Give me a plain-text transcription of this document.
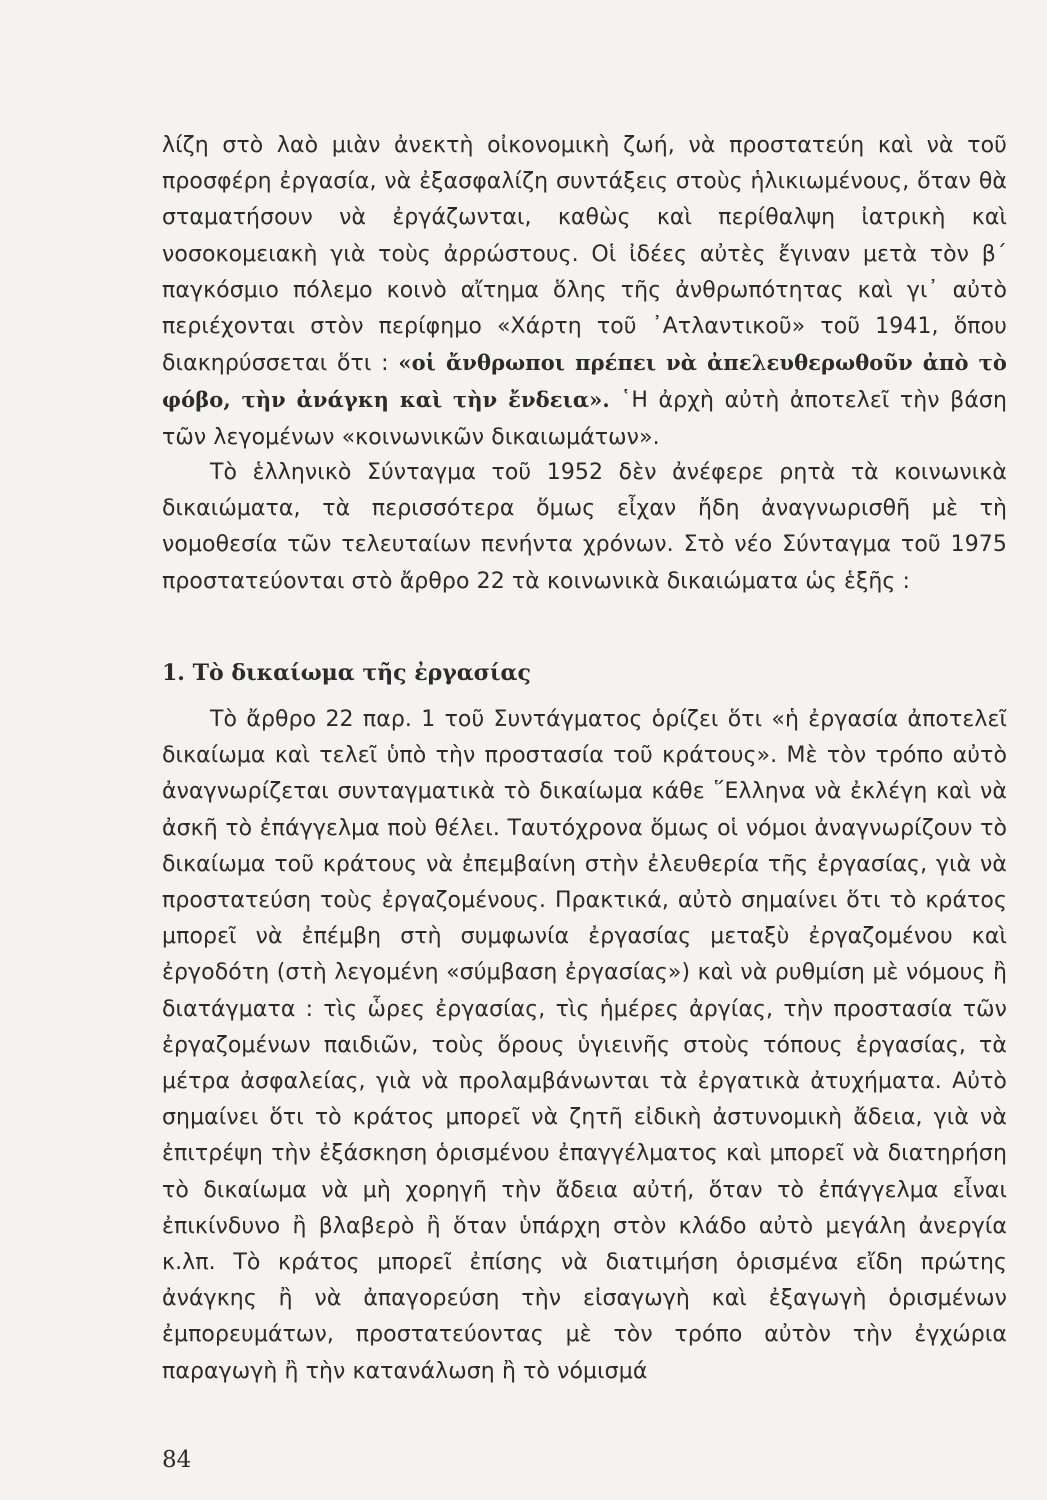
λίζη στὸ λαὸ μιὰν ἀνεκτὴ οἰκονομικὴ ζωή, νὰ προστατεύη καὶ νὰ τοῦ προσφέρη ἐργασία, νὰ ἐξασφαλίζη συντάξεις στοὺς ἡλικιωμένους, ὅταν θὰ σταματήσουν νὰ ἐργάζωνται, καθὼς καὶ περίθαλψη ἰατρικὴ καὶ νοσοκομειακὴ γιὰ τοὺς ἀρρώστους. Οἱ ἰδέες αὐτὲς ἔγιναν μετὰ τὸν β΄ παγκόσμιο πόλεμο κοινὸ αἴτημα ὅλης τῆς ἀνθρωπότητας καὶ γι᾽ αὐτὸ περιέχονται στὸν περίφημο «Χάρτη τοῦ ᾿Ατλαντικοῦ» τοῦ 1941, ὅπου διακηρύσσεται ὅτι : «οἱ ἄνθρωποι πρέπει νὰ ἀπελευθερωθοῦν ἀπὸ τὸ φόβο, τὴν ἀνάγκη καὶ τὴν ἔνδεια». ῾Η ἀρχὴ αὐτὴ ἀποτελεῖ τὴν βάση τῶν λεγομένων «κοινωνικῶν δικαιωμάτων».
Τὸ ἑλληνικὸ Σύνταγμα τοῦ 1952 δὲν ἀνέφερε ρητὰ τὰ κοινωνικὰ δικαιώματα, τὰ περισσότερα ὅμως εἶχαν ἤδη ἀναγνωρισθῆ μὲ τὴ νομοθεσία τῶν τελευταίων πενήντα χρόνων. Στὸ νέο Σύνταγμα τοῦ 1975 προστατεύονται στὸ ἄρθρο 22 τὰ κοινωνικὰ δικαιώματα ὡς ἑξῆς :
1. Τὸ δικαίωμα τῆς ἐργασίας
Τὸ ἄρθρο 22 παρ. 1 τοῦ Συντάγματος ὁρίζει ὅτι «ἡ ἐργασία ἀποτελεῖ δικαίωμα καὶ τελεῖ ὑπὸ τὴν προστασία τοῦ κράτους». Μὲ τὸν τρόπο αὐτὸ ἀναγνωρίζεται συνταγματικὰ τὸ δικαίωμα κάθε ῞Ελληνα νὰ ἐκλέγη καὶ νὰ ἀσκῆ τὸ ἐπάγγελμα ποὺ θέλει. Ταυτόχρονα ὅμως οἱ νόμοι ἀναγνωρίζουν τὸ δικαίωμα τοῦ κράτους νὰ ἐπεμβαίνη στὴν ἐλευθερία τῆς ἐργασίας, γιὰ νὰ προστατεύση τοὺς ἐργαζομένους. Πρακτικά, αὐτὸ σημαίνει ὅτι τὸ κράτος μπορεῖ νὰ ἐπέμβη στὴ συμφωνία ἐργασίας μεταξὺ ἐργαζομένου καὶ ἐργοδότη (στὴ λεγομένη «σύμβαση ἐργασίας») καὶ νὰ ρυθμίση μὲ νόμους ἢ διατάγματα : τὶς ὧρες ἐργασίας, τὶς ἡμέρες ἀργίας, τὴν προστασία τῶν ἐργαζομένων παιδιῶν, τοὺς ὅρους ὑγιεινῆς στοὺς τόπους ἐργασίας, τὰ μέτρα ἀσφαλείας, γιὰ νὰ προλαμβάνωνται τὰ ἐργατικὰ ἀτυχήματα. Αὐτὸ σημαίνει ὅτι τὸ κράτος μπορεῖ νὰ ζητῆ εἰδικὴ ἀστυνομικὴ ἄδεια, γιὰ νὰ ἐπιτρέψη τὴν ἐξάσκηση ὁρισμένου ἐπαγγέλματος καὶ μπορεῖ νὰ διατηρήση τὸ δικαίωμα νὰ μὴ χορηγῆ τὴν ἄδεια αὐτή, ὅταν τὸ ἐπάγγελμα εἶναι ἐπικίνδυνο ἢ βλαβερὸ ἢ ὅταν ὑπάρχη στὸν κλάδο αὐτὸ μεγάλη ἀνεργία κ.λπ. Τὸ κράτος μπορεῖ ἐπίσης νὰ διατιμήση ὁρισμένα εἴδη πρώτης ἀνάγκης ἢ νὰ ἀπαγορεύση τὴν εἰσαγωγὴ καὶ ἐξαγωγὴ ὁρισμένων ἐμπορευμάτων, προστατεύοντας μὲ τὸν τρόπο αὐτὸν τὴν ἐγχώρια παραγωγὴ ἢ τὴν κατανάλωση ἢ τὸ νόμισμά
84
